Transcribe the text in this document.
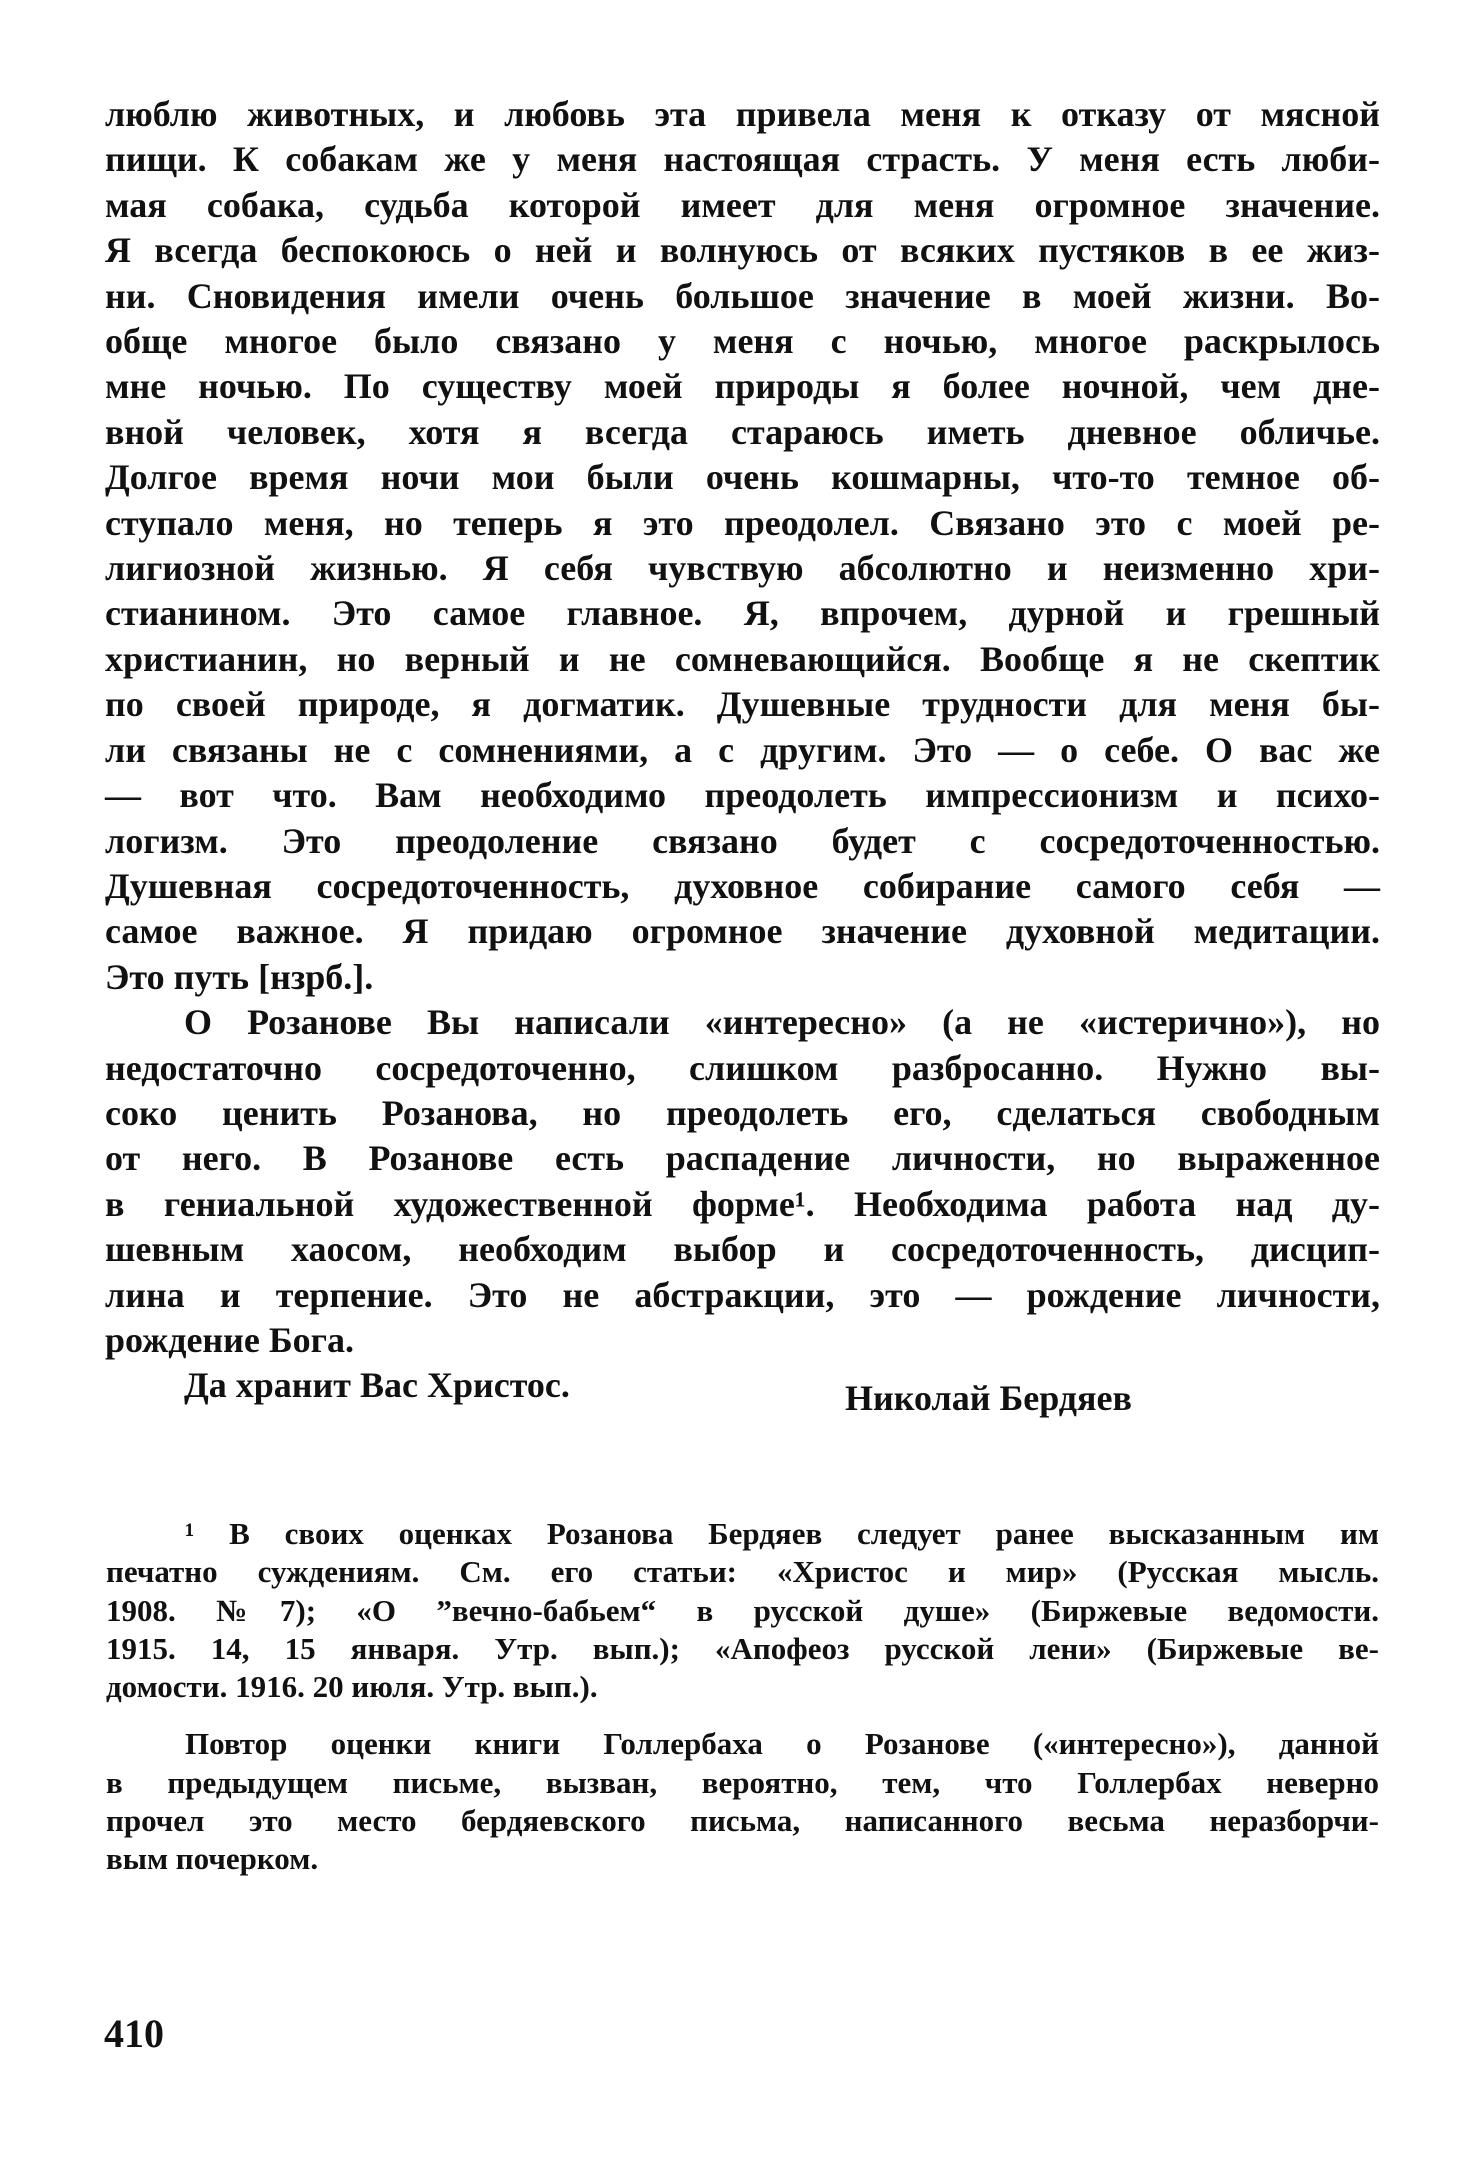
люблю животных, и любовь эта привела меня к отказу от мясной
пищи. К собакам же у меня настоящая страсть. У меня есть люби-
мая собака, судьба которой имеет для меня огромное значение.
Я всегда беспокоюсь о ней и волнуюсь от всяких пустяков в ее жиз-
ни. Сновидения имели очень большое значение в моей жизни. Во-
обще многое было связано у меня с ночью, многое раскрылось
мне ночью. По существу моей природы я более ночной, чем дне-
вной человек, хотя я всегда стараюсь иметь дневное обличье.
Долгое время ночи мои были очень кошмарны, что-то темное об-
ступало меня, но теперь я это преодолел. Связано это с моей ре-
лигиозной жизнью. Я себя чувствую абсолютно и неизменно хри-
стианином. Это самое главное. Я, впрочем, дурной и грешный
христианин, но верный и не сомневающийся. Вообще я не скептик
по своей природе, я догматик. Душевные трудности для меня бы-
ли связаны не с сомнениями, а с другим. Это — о себе. О вас же
— вот что. Вам необходимо преодолеть импрессионизм и психо-
логизм. Это преодоление связано будет с сосредоточенностью.
Душевная сосредоточенность, духовное собирание самого себя —
самое важное. Я придаю огромное значение духовной медитации.
Это путь [нзрб.].
О Розанове Вы написали «интересно» (а не «истерично»), но
недостаточно сосредоточенно, слишком разбросанно. Нужно вы-
соко ценить Розанова, но преодолеть его, сделаться свободным
от него. В Розанове есть распадение личности, но выраженное
в гениальной художественной форме¹. Необходима работа над ду-
шевным хаосом, необходим выбор и сосредоточенность, дисцип-
лина и терпение. Это не абстракции, это — рождение личности,
рождение Бога.
Да хранит Вас Христос.	Николай Бердяев
¹ В своих оценках Розанова Бердяев следует ранее высказанным им
печатно суждениям. См. его статьи: «Христос и мир» (Русская мысль.
1908. №7); «О ”вечно-бабьем“ в русской душе» (Биржевые ведомости.
1915. 14, 15 января. Утр. вып.); «Апофеоз русской лени» (Биржевые ве-
домости. 1916. 20 июля. Утр. вып.).
Повтор оценки книги Голлербаха о Розанове («интересно»), данной
в предыдущем письме, вызван, вероятно, тем, что Голлербах неверно
прочел это место бердяевского письма, написанного весьма неразборчи-
вым почерком.
410
